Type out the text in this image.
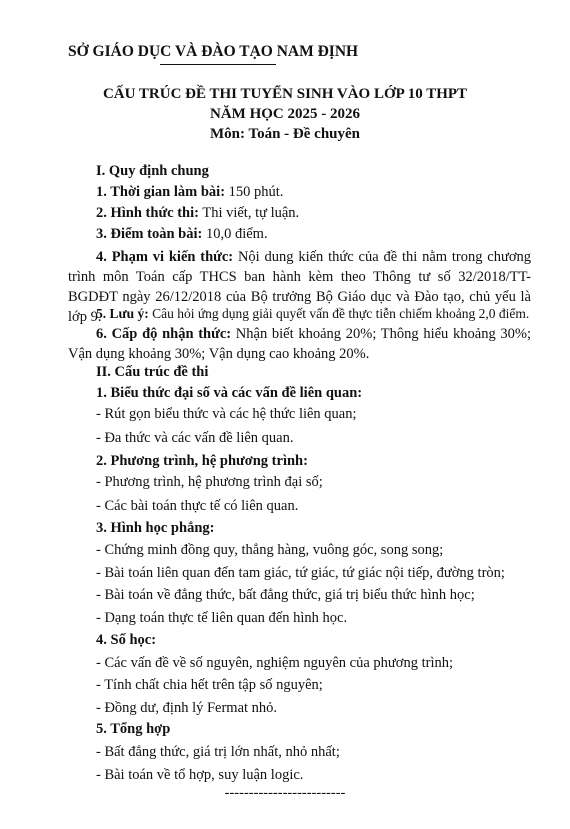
SỞ GIÁO DỤC VÀ ĐÀO TẠO NAM ĐỊNH
CẤU TRÚC ĐỀ THI TUYỂN SINH VÀO LỚP 10 THPT
NĂM HỌC 2025 - 2026
Môn: Toán - Đề chuyên
I. Quy định chung
1. Thời gian làm bài: 150 phút.
2. Hình thức thi: Thi viết, tự luận.
3. Điểm toàn bài: 10,0 điểm.
4. Phạm vi kiến thức: Nội dung kiến thức của đề thi nằm trong chương trình môn Toán cấp THCS ban hành kèm theo Thông tư số 32/2018/TT-BGDĐT ngày 26/12/2018 của Bộ trưởng Bộ Giáo dục và Đào tạo, chủ yếu là lớp 9.
5. Lưu ý: Câu hỏi ứng dụng giải quyết vấn đề thực tiễn chiếm khoảng 2,0 điểm.
6. Cấp độ nhận thức: Nhận biết khoảng 20%; Thông hiểu khoảng 30%; Vận dụng khoảng 30%; Vận dụng cao khoảng 20%.
II. Cấu trúc đề thi
1. Biểu thức đại số và các vấn đề liên quan:
- Rút gọn biểu thức và các hệ thức liên quan;
- Đa thức và các vấn đề liên quan.
2. Phương trình, hệ phương trình:
- Phương trình, hệ phương trình đại số;
- Các bài toán thực tế có liên quan.
3. Hình học phẳng:
- Chứng minh đồng quy, thẳng hàng, vuông góc, song song;
- Bài toán liên quan đến tam giác, tứ giác, tứ giác nội tiếp, đường tròn;
- Bài toán về đẳng thức, bất đẳng thức, giá trị biểu thức hình học;
- Dạng toán thực tế liên quan đến hình học.
4. Số học:
- Các vấn đề về số nguyên, nghiệm nguyên của phương trình;
- Tính chất chia hết trên tập số nguyên;
- Đồng dư, định lý Fermat nhỏ.
5. Tổng hợp
- Bất đẳng thức, giá trị lớn nhất, nhỏ nhất;
- Bài toán về tổ hợp, suy luận logic.
-------------------------
